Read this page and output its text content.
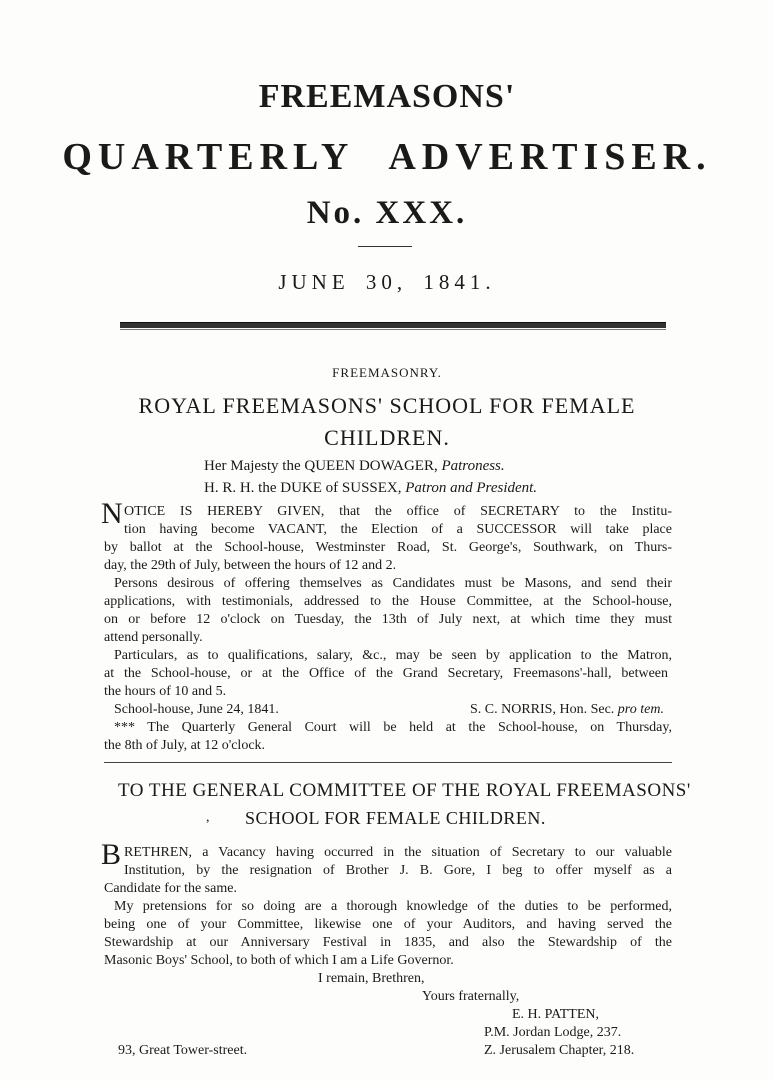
FREEMASONS'
QUARTERLY ADVERTISER.
No. XXX.
JUNE 30, 1841.
FREEMASONRY.
ROYAL FREEMASONS' SCHOOL FOR FEMALE
CHILDREN.
Her Majesty the QUEEN DOWAGER, Patroness.
H. R. H. the DUKE of SUSSEX, Patron and President.
N OTICE IS HEREBY GIVEN, that the office of SECRETARY to the Institu-
tion having become VACANT, the Election of a SUCCESSOR will take place
by ballot at the School-house, Westminster Road, St. George's, Southwark, on Thurs-
day, the 29th of July, between the hours of 12 and 2.
Persons desirous of offering themselves as Candidates must be Masons, and send their
applications, with testimonials, addressed to the House Committee, at the School-house,
on or before 12 o'clock on Tuesday, the 13th of July next, at which time they must
attend personally.
Particulars, as to qualifications, salary, &c., may be seen by application to the Matron,
at the School-house, or at the Office of the Grand Secretary, Freemasons'-hall, between
the hours of 10 and 5.
School-house, June 24, 1841.	S. C. NORRIS, Hon. Sec. pro tem.
*** The Quarterly General Court will be held at the School-house, on Thursday,
the 8th of July, at 12 o'clock.
TO THE GENERAL COMMITTEE OF THE ROYAL FREEMASONS'
, SCHOOL FOR FEMALE CHILDREN.
B RETHREN, a Vacancy having occurred in the situation of Secretary to our valuable
Institution, by the resignation of Brother J. B. Gore, I beg to offer myself as a
Candidate for the same.
My pretensions for so doing are a thorough knowledge of the duties to be performed,
being one of your Committee, likewise one of your Auditors, and having served the
Stewardship at our Anniversary Festival in 1835, and also the Stewardship of the
Masonic Boys' School, to both of which I am a Life Governor.
I remain, Brethren,
Yours fraternally,
E. H. PATTEN,
P.M. Jordan Lodge, 237.
Z. Jerusalem Chapter, 218.
93, Great Tower-street.
